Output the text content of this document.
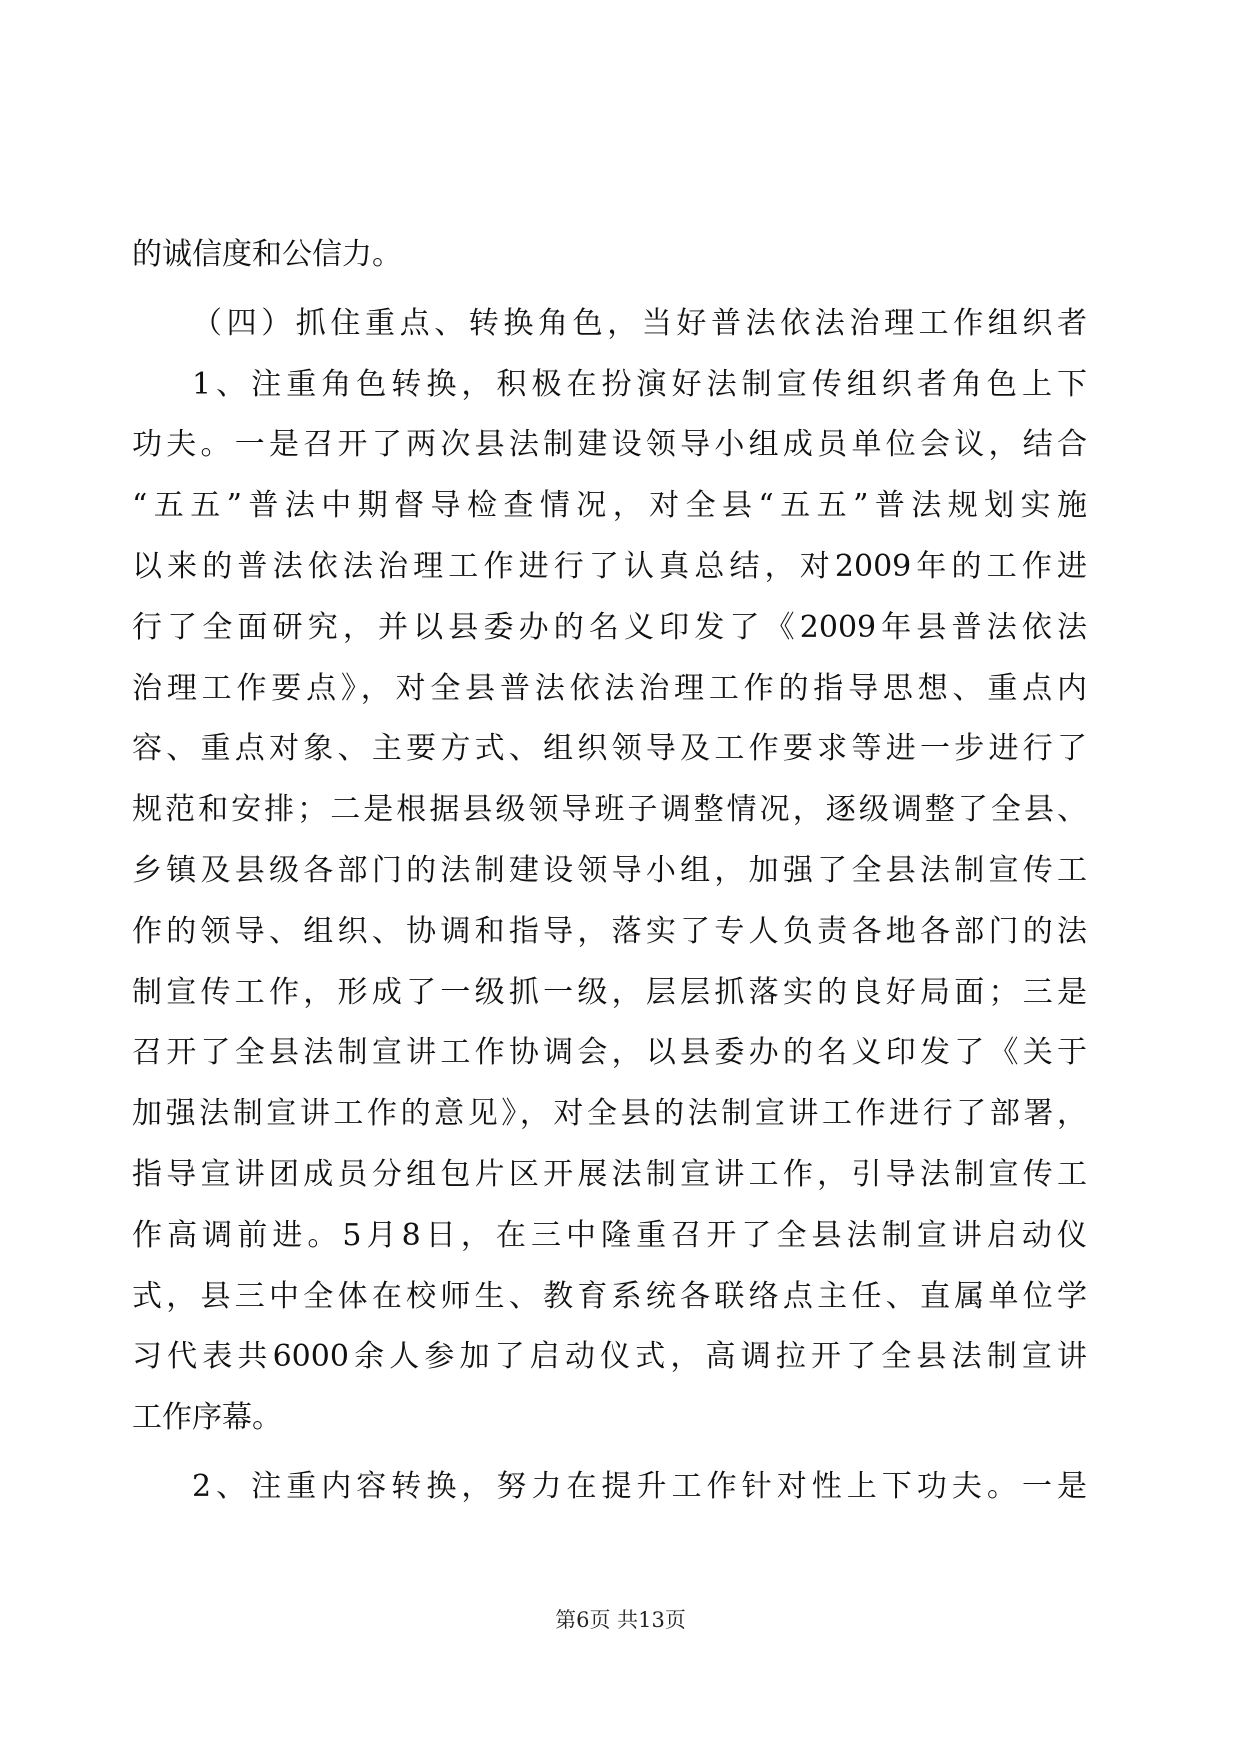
的诚信度和公信力。
（四）抓住重点、转换角色，当好普法依法治理工作组织者
1、注重角色转换，积极在扮演好法制宣传组织者角色上下
功夫。一是召开了两次县法制建设领导小组成员单位会议，结合
“五五”普法中期督导检查情况，对全县“五五”普法规划实施
以来的普法依法治理工作进行了认真总结，对2009年的工作进
行了全面研究，并以县委办的名义印发了《2009年县普法依法
治理工作要点》，对全县普法依法治理工作的指导思想、重点内
容、重点对象、主要方式、组织领导及工作要求等进一步进行了
规范和安排；二是根据县级领导班子调整情况，逐级调整了全县、
乡镇及县级各部门的法制建设领导小组，加强了全县法制宣传工
作的领导、组织、协调和指导，落实了专人负责各地各部门的法
制宣传工作，形成了一级抓一级，层层抓落实的良好局面；三是
召开了全县法制宣讲工作协调会，以县委办的名义印发了《关于
加强法制宣讲工作的意见》，对全县的法制宣讲工作进行了部署，
指导宣讲团成员分组包片区开展法制宣讲工作，引导法制宣传工
作高调前进。5月8日，在三中隆重召开了全县法制宣讲启动仪
式，县三中全体在校师生、教育系统各联络点主任、直属单位学
习代表共6000余人参加了启动仪式，高调拉开了全县法制宣讲
工作序幕。
2、注重内容转换，努力在提升工作针对性上下功夫。一是
第6页 共13页
